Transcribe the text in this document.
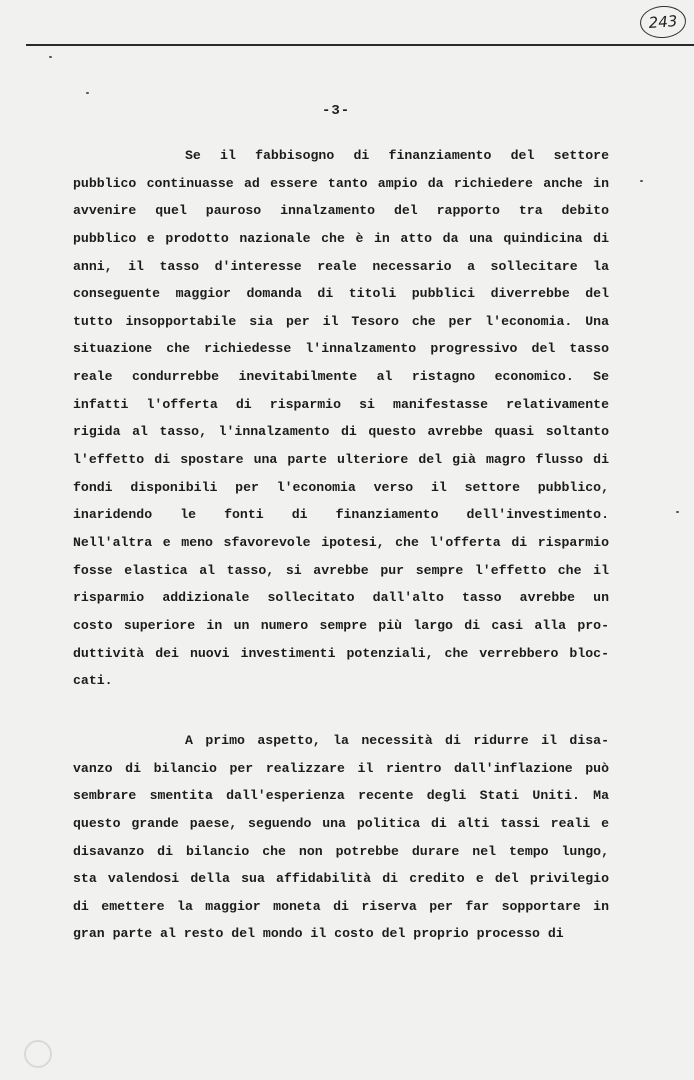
243
-3-
Se il fabbisogno di finanziamento del settore
pubblico continuasse ad essere tanto ampio da richiedere anche in
avvenire quel pauroso innalzamento del rapporto tra debito
pubblico e prodotto nazionale che è in atto da una quindicina di
anni, il tasso d'interesse reale necessario a sollecitare la
conseguente maggior domanda di titoli pubblici diverrebbe del
tutto insopportabile sia per il Tesoro che per l'economia. Una
situazione che richiedesse l'innalzamento progressivo del tasso
reale condurrebbe inevitabilmente al ristagno economico. Se
infatti l'offerta di risparmio si manifestasse relativamente
rigida al tasso, l'innalzamento di questo avrebbe quasi soltanto
l'effetto di spostare una parte ulteriore del già magro flusso di
fondi disponibili per l'economia verso il settore pubblico,
inaridendo le fonti di finanziamento dell'investimento.
Nell'altra e meno sfavorevole ipotesi, che l'offerta di risparmio
fosse elastica al tasso, si avrebbe pur sempre l'effetto che il
risparmio addizionale sollecitato dall'alto tasso avrebbe un
costo superiore in un numero sempre più largo di casi alla pro-
duttività dei nuovi investimenti potenziali, che verrebbero bloc-
cati.
A primo aspetto, la necessità di ridurre il disa-
vanzo di bilancio per realizzare il rientro dall'inflazione può
sembrare smentita dall'esperienza recente degli Stati Uniti. Ma
questo grande paese, seguendo una politica di alti tassi reali e
disavanzo di bilancio che non potrebbe durare nel tempo lungo,
sta valendosi della sua affidabilità di credito e del privilegio
di emettere la maggior moneta di riserva per far sopportare in
gran parte al resto del mondo il costo del proprio processo di
